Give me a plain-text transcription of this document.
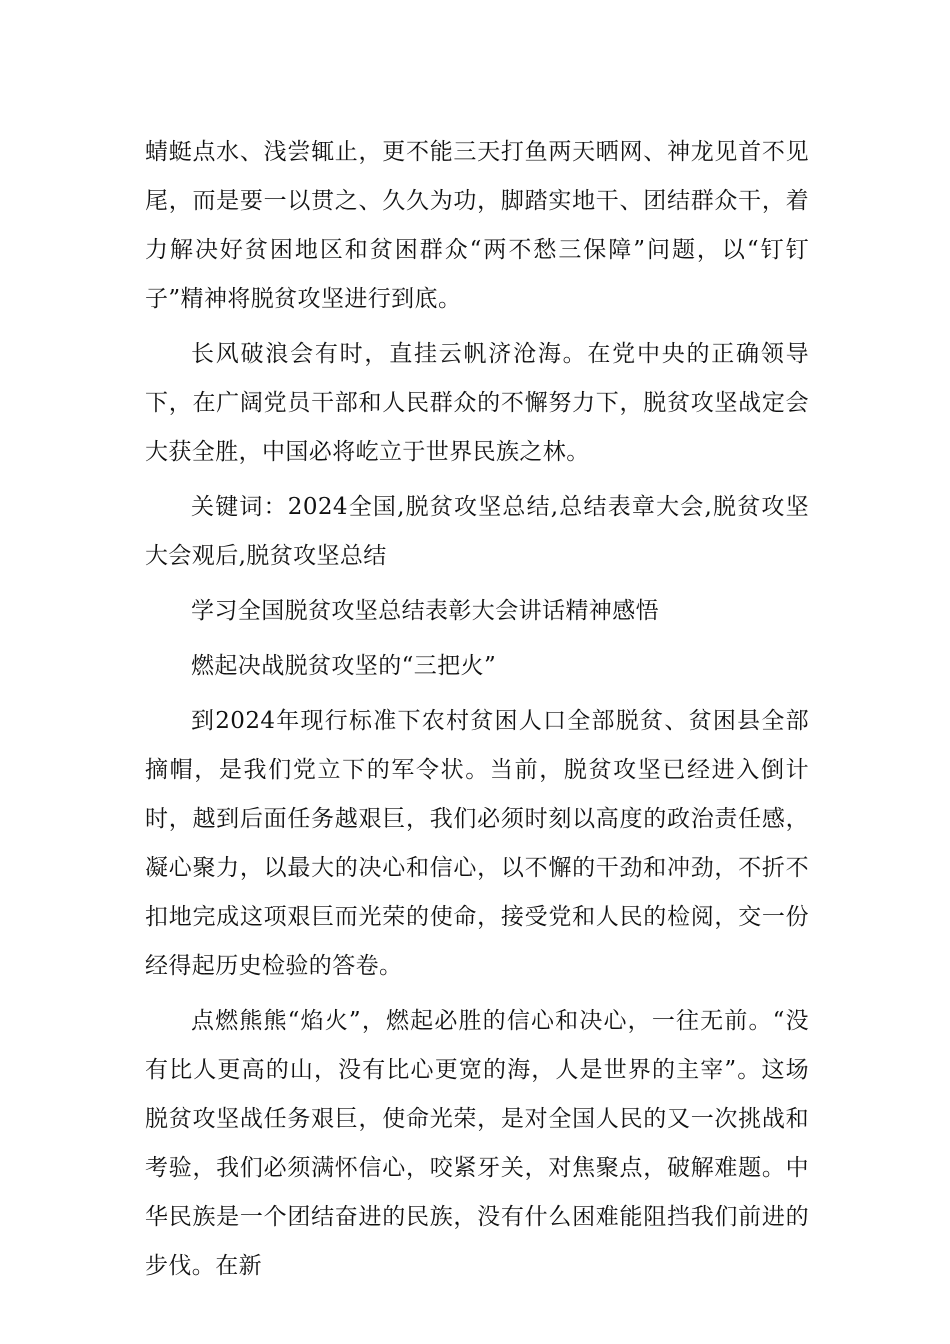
蜻蜓点水、浅尝辄止，更不能三天打鱼两天晒网、神龙见首不见尾，而是要一以贯之、久久为功，脚踏实地干、团结群众干，着力解决好贫困地区和贫困群众“两不愁三保障”问题，以“钉钉子”精神将脱贫攻坚进行到底。

长风破浪会有时，直挂云帆济沧海。在党中央的正确领导下，在广阔党员干部和人民群众的不懈努力下，脱贫攻坚战定会大获全胜，中国必将屹立于世界民族之林。

关键词：2024全国,脱贫攻坚总结,总结表章大会,脱贫攻坚大会观后,脱贫攻坚总结

学习全国脱贫攻坚总结表彰大会讲话精神感悟

燃起决战脱贫攻坚的“三把火”

到2024年现行标准下农村贫困人口全部脱贫、贫困县全部摘帽，是我们党立下的军令状。当前，脱贫攻坚已经进入倒计时，越到后面任务越艰巨，我们必须时刻以高度的政治责任感，凝心聚力，以最大的决心和信心，以不懈的干劲和冲劲，不折不扣地完成这项艰巨而光荣的使命，接受党和人民的检阅，交一份经得起历史检验的答卷。

点燃熊熊“焰火”，燃起必胜的信心和决心，一往无前。“没有比人更高的山，没有比心更宽的海，人是世界的主宰”。这场脱贫攻坚战任务艰巨，使命光荣，是对全国人民的又一次挑战和考验，我们必须满怀信心，咬紧牙关，对焦聚点，破解难题。中华民族是一个团结奋进的民族，没有什么困难能阻挡我们前进的步伐。在新
